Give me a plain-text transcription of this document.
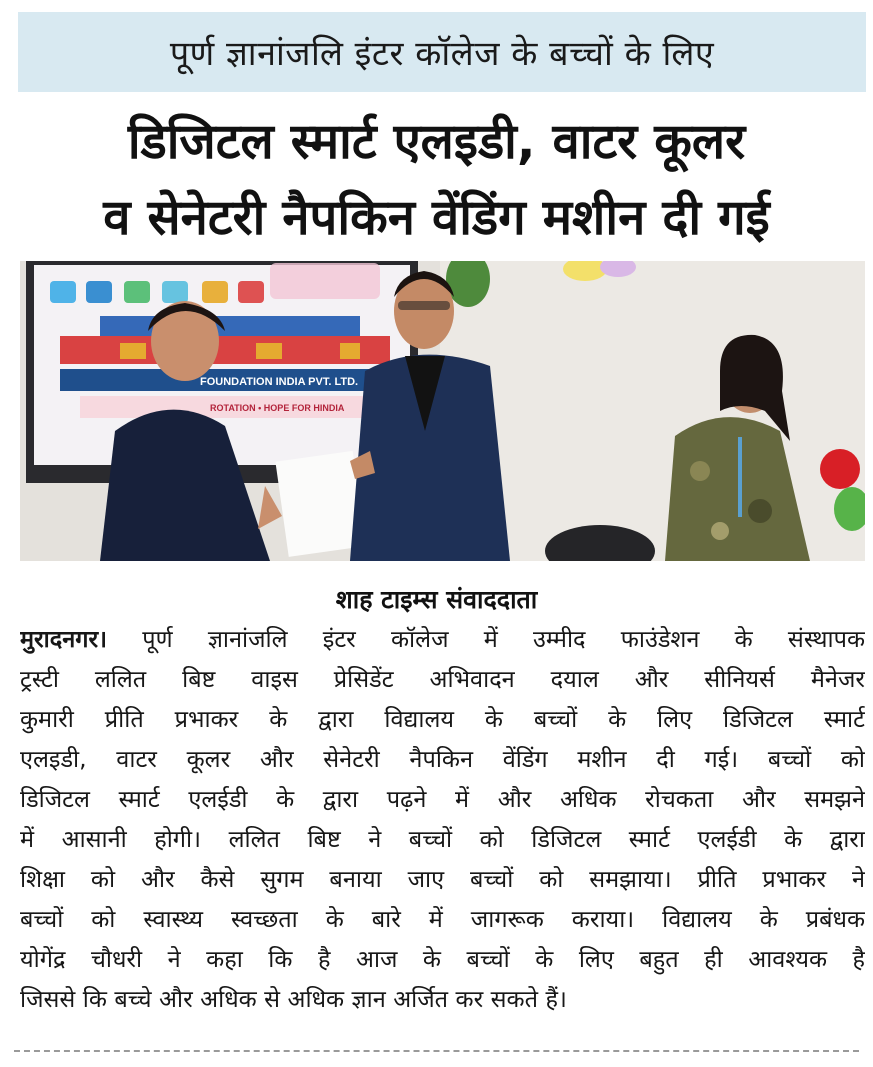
पूर्ण ज्ञानांजलि इंटर कॉलेज के बच्चों के लिए
डिजिटल स्मार्ट एलइडी, वाटर कूलर
व सेनेटरी नैपकिन वेंडिंग मशीन दी गई
FOUNDATION INDIA PVT. LTD.
ROTATION • HOPE FOR HINDIA
शाह टाइम्स संवाददाता
मुरादनगर। पूर्ण ज्ञानांजलि इंटर कॉलेज में उम्मीद फाउंडेशन के संस्थापक
ट्रस्टी ललित बिष्ट वाइस प्रेसिडेंट अभिवादन दयाल और सीनियर्स मैनेजर
कुमारी प्रीति प्रभाकर के द्वारा विद्यालय के बच्चों के लिए डिजिटल स्मार्ट
एलइडी, वाटर कूलर और सेनेटरी नैपकिन वेंडिंग मशीन दी गई। बच्चों को
डिजिटल स्मार्ट एलईडी के द्वारा पढ़ने में और अधिक रोचकता और समझने
में आसानी होगी। ललित बिष्ट ने बच्चों को डिजिटल स्मार्ट एलईडी के द्वारा
शिक्षा को और कैसे सुगम बनाया जाए बच्चों को समझाया। प्रीति प्रभाकर ने
बच्चों को स्वास्थ्य स्वच्छता के बारे में जागरूक कराया। विद्यालय के प्रबंधक
योगेंद्र चौधरी ने कहा कि है आज के बच्चों के लिए बहुत ही आवश्यक है
जिससे कि बच्चे और अधिक से अधिक ज्ञान अर्जित कर सकते हैं।
